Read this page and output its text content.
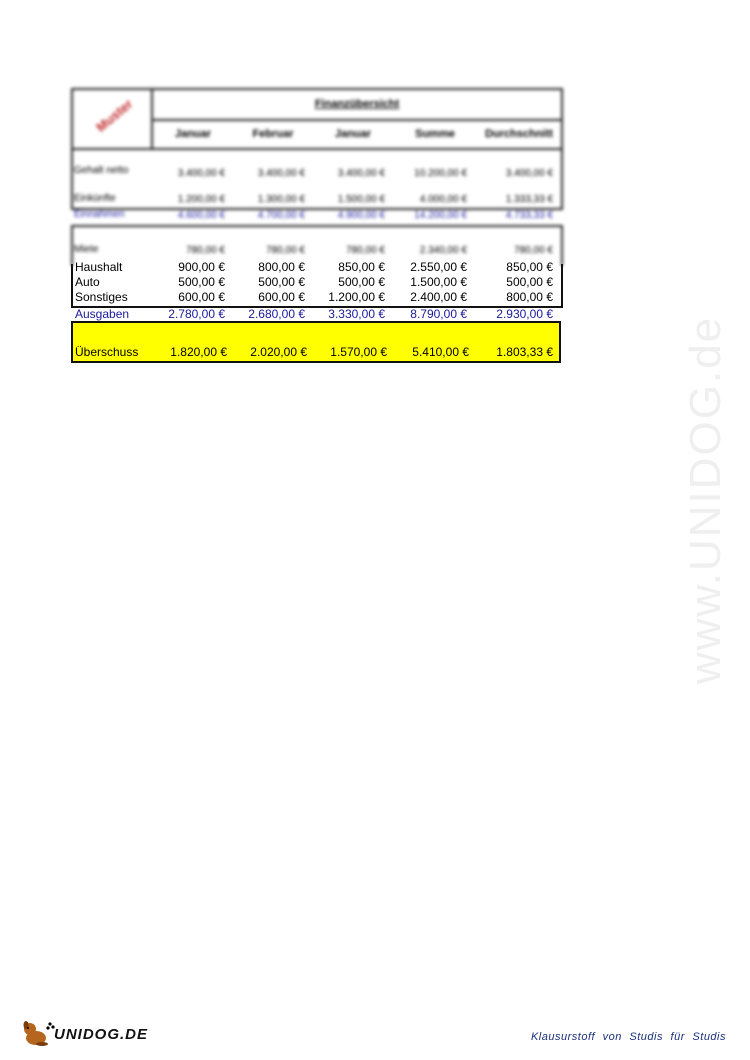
Muster	Finanzübersicht
Januar	Februar	Januar	Summe	Durchschnitt
Gehalt netto	3.400,00 €	3.400,00 €	3.400,00 €	10.200,00 €	3.400,00 €
Einkünfte	1.200,00 €	1.300,00 €	1.500,00 €	4.000,00 €	1.333,33 €
Einnahmen	4.600,00 €	4.700,00 €	4.900,00 €	14.200,00 €	4.733,33 €
Miete	780,00 €	780,00 €	780,00 €	2.340,00 €	780,00 €
Haushalt	900,00 €	800,00 €	850,00 €	2.550,00 €	850,00 €
Auto	500,00 €	500,00 €	500,00 €	1.500,00 €	500,00 €
Sonstiges	600,00 €	600,00 €	1.200,00 €	2.400,00 €	800,00 €
Ausgaben	2.780,00 €	2.680,00 €	3.330,00 €	8.790,00 €	2.930,00 €
Überschuss	1.820,00 €	2.020,00 €	1.570,00 €	5.410,00 €	1.803,33 €	www.UNIDOG.de
UNIDOG.DE	Klausurstoff von Studis für Studis
